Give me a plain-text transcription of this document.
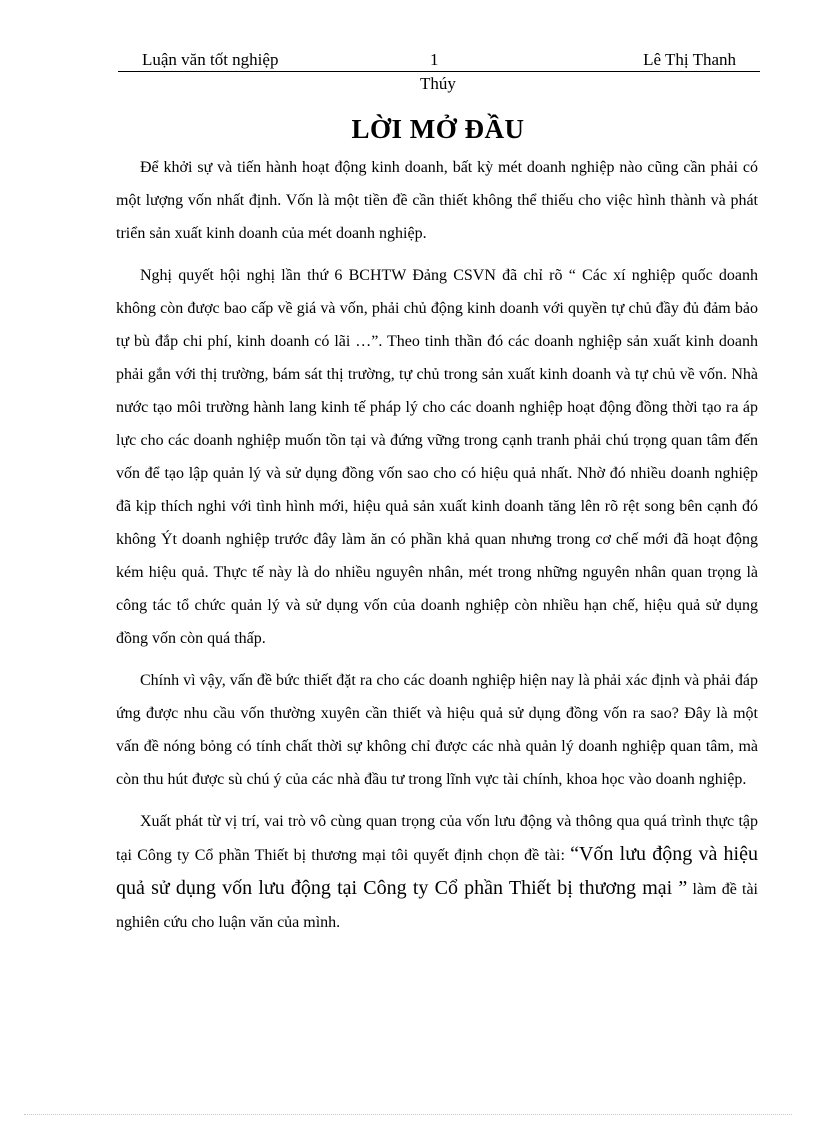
Luận văn tốt nghiệp	1	Lê Thị Thanh
Thúy
LỜI MỞ ĐẦU

Để khởi sự và tiến hành hoạt động kinh doanh, bất kỳ mét doanh nghiệp nào cũng cần phải có một lượng vốn nhất định. Vốn là một tiền đề cần thiết không thể thiếu cho việc hình thành và phát triển sản xuất kinh doanh của mét doanh nghiệp.

Nghị quyết hội nghị lần thứ 6 BCHTW Đảng CSVN đã chỉ rõ “ Các xí nghiệp quốc doanh không còn được bao cấp về giá và vốn, phải chủ động kinh doanh với quyền tự chủ đầy đủ đảm bảo tự bù đắp chi phí, kinh doanh có lãi …”. Theo tinh thần đó các doanh nghiệp sản xuất kinh doanh phải gắn với thị trường, bám sát thị trường, tự chủ trong sản xuất kinh doanh và tự chủ về vốn. Nhà nước tạo môi trường hành lang kinh tế pháp lý cho các doanh nghiệp hoạt động đồng thời tạo ra áp lực cho các doanh nghiệp muốn tồn tại và đứng vững trong cạnh tranh phải chú trọng quan tâm đến vốn để tạo lập quản lý và sử dụng đồng vốn sao cho có hiệu quả nhất. Nhờ đó nhiều doanh nghiệp đã kịp thích nghi với tình hình mới, hiệu quả sản xuất kinh doanh tăng lên rõ rệt song bên cạnh đó không Ýt doanh nghiệp trước đây làm ăn có phần khả quan nhưng trong cơ chế mới đã hoạt động kém hiệu quả. Thực tế này là do nhiều nguyên nhân, mét trong những nguyên nhân quan trọng là công tác tổ chức quản lý và sử dụng vốn của doanh nghiệp còn nhiều hạn chế, hiệu quả sử dụng đồng vốn còn quá thấp.

Chính vì vậy, vấn đề bức thiết đặt ra cho các doanh nghiệp hiện nay là phải xác định và phải đáp ứng được nhu cầu vốn thường xuyên cần thiết và hiệu quả sử dụng đồng vốn ra sao? Đây là một vấn đề nóng bỏng có tính chất thời sự không chỉ được các nhà quản lý doanh nghiệp quan tâm, mà còn thu hút được sù chú ý của các nhà đầu tư trong lĩnh vực tài chính, khoa học vào doanh nghiệp.

Xuất phát từ vị trí, vai trò vô cùng quan trọng của vốn lưu động và thông qua quá trình thực tập tại Công ty Cổ phần Thiết bị thương mại tôi quyết định chọn đề tài: “Vốn lưu động và hiệu quả sử dụng vốn lưu động tại Công ty Cổ phần Thiết bị thương mại ” làm đề tài nghiên cứu cho luận văn của mình.
